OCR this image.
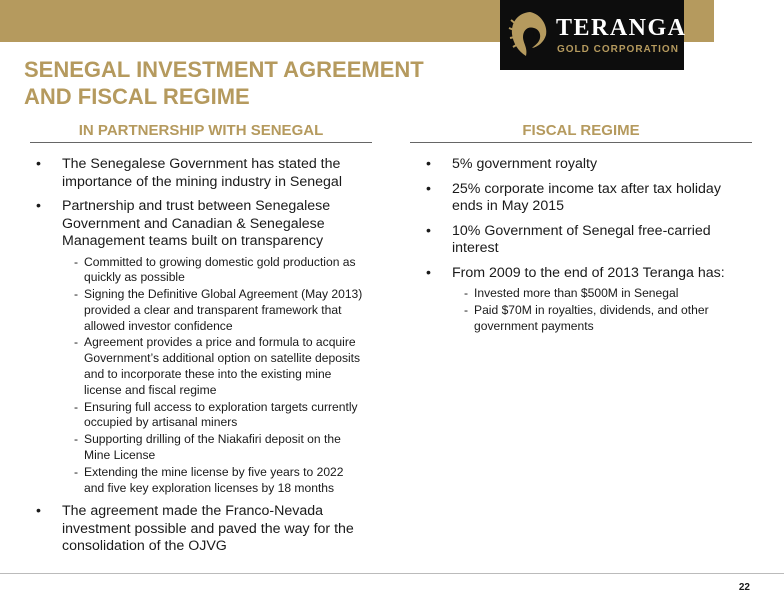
TERANGA
GOLD CORPORATION
SENEGAL INVESTMENT AGREEMENT
AND FISCAL REGIME
IN PARTNERSHIP WITH SENEGAL	FISCAL REGIME
• The Senegalese Government has stated the importance of the mining industry in Senegal
• Partnership and trust between Senegalese Government and Canadian & Senegalese Management teams built on transparency
- Committed to growing domestic gold production as quickly as possible
- Signing the Definitive Global Agreement (May 2013) provided a clear and transparent framework that allowed investor confidence
- Agreement provides a price and formula to acquire Government’s additional option on satellite deposits and to incorporate these into the existing mine license and fiscal regime
- Ensuring full access to exploration targets currently occupied by artisanal miners
- Supporting drilling of the Niakafiri deposit on the Mine License
- Extending the mine license by five years to 2022 and five key exploration licenses by 18 months
• The agreement made the Franco-Nevada investment possible and paved the way for the consolidation of the OJVG
• 5% government royalty
• 25% corporate income tax after tax holiday ends in May 2015
• 10% Government of Senegal free-carried interest
• From 2009 to the end of 2013 Teranga has:
- Invested more than $500M in Senegal
- Paid $70M in royalties, dividends, and other government payments
22
